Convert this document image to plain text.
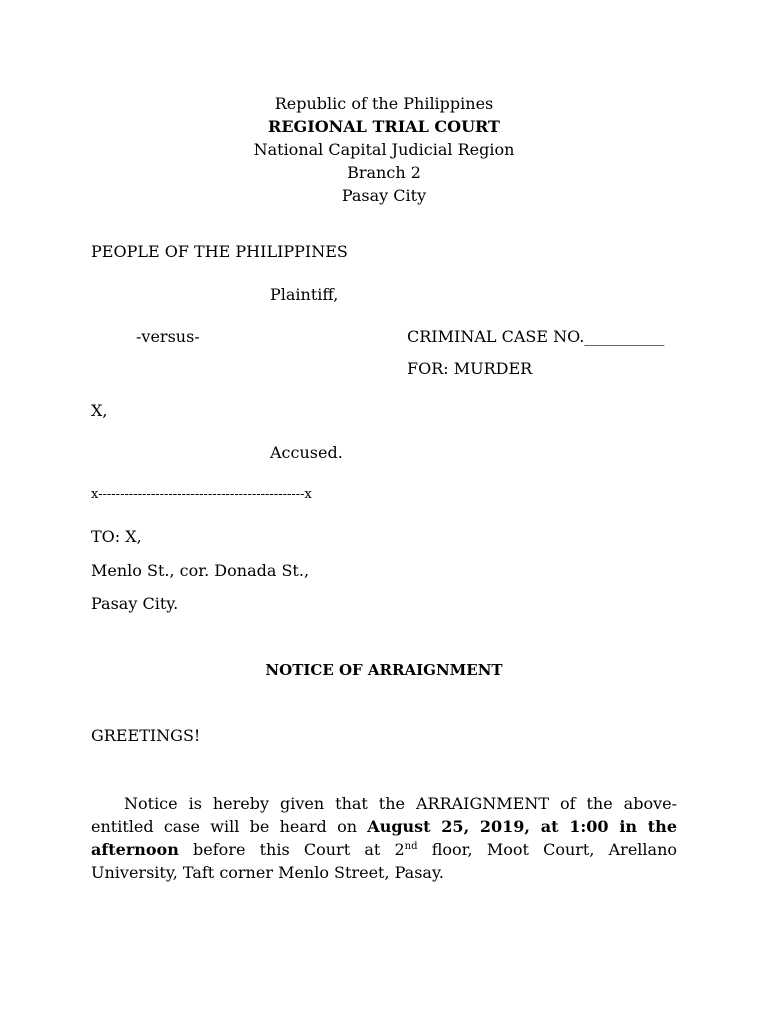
Republic of the Philippines
REGIONAL TRIAL COURT
National Capital Judicial Region
Branch 2
Pasay City
PEOPLE OF THE PHILIPPINES
Plaintiff,
-versus-	CRIMINAL CASE NO.__________
FOR: MURDER
X,
Accused.
x-----------------------------------------------x
TO: X,
Menlo St., cor. Donada St.,
Pasay City.
NOTICE OF ARRAIGNMENT
GREETINGS!
Notice is hereby given that the ARRAIGNMENT of the above-entitled case will be heard on August 25, 2019, at 1:00 in the afternoon before this Court at 2nd floor, Moot Court, Arellano University, Taft corner Menlo Street, Pasay.
